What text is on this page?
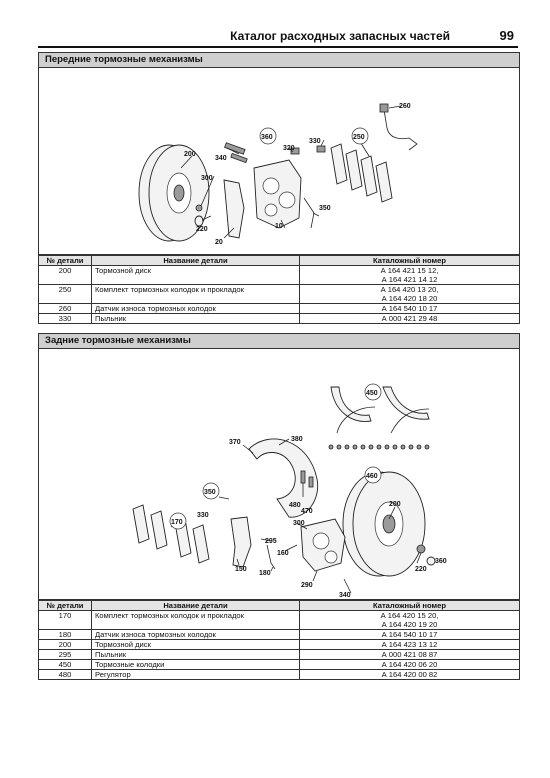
Каталог расходных запасных частей	99
Передние тормозные механизмы
200
300
220
20
340
360
320
330
10
250
260
350
№ детали	Название детали	Каталожный номер
200	Тормозной диск	А 164 421 15 12,
А 164 421 14 12

250	Комплект тормозных колодок и прокладок	А 164 420 13 20,
А 164 420 18 20

260	Датчик износа тормозных колодок	А 164 540 10 17

330	Пыльник	А 000 421 29 48
Задние тормозные механизмы
450
460
370	380
350
330
170
480
470
200
300
295
160
150
180
290
340
220
360
№ детали	Название детали	Каталожный номер
170	Комплект тормозных колодок и прокладок	А 164 420 15 20,
А 164 420 19 20

180	Датчик износа тормозных колодок	А 164 540 10 17

200	Тормозной диск	А 164 423 13 12

295	Пыльник	А 000 421 08 87

450	Тормозные колодки	А 164 420 06 20

480	Регулятор	А 164 420 00 82
